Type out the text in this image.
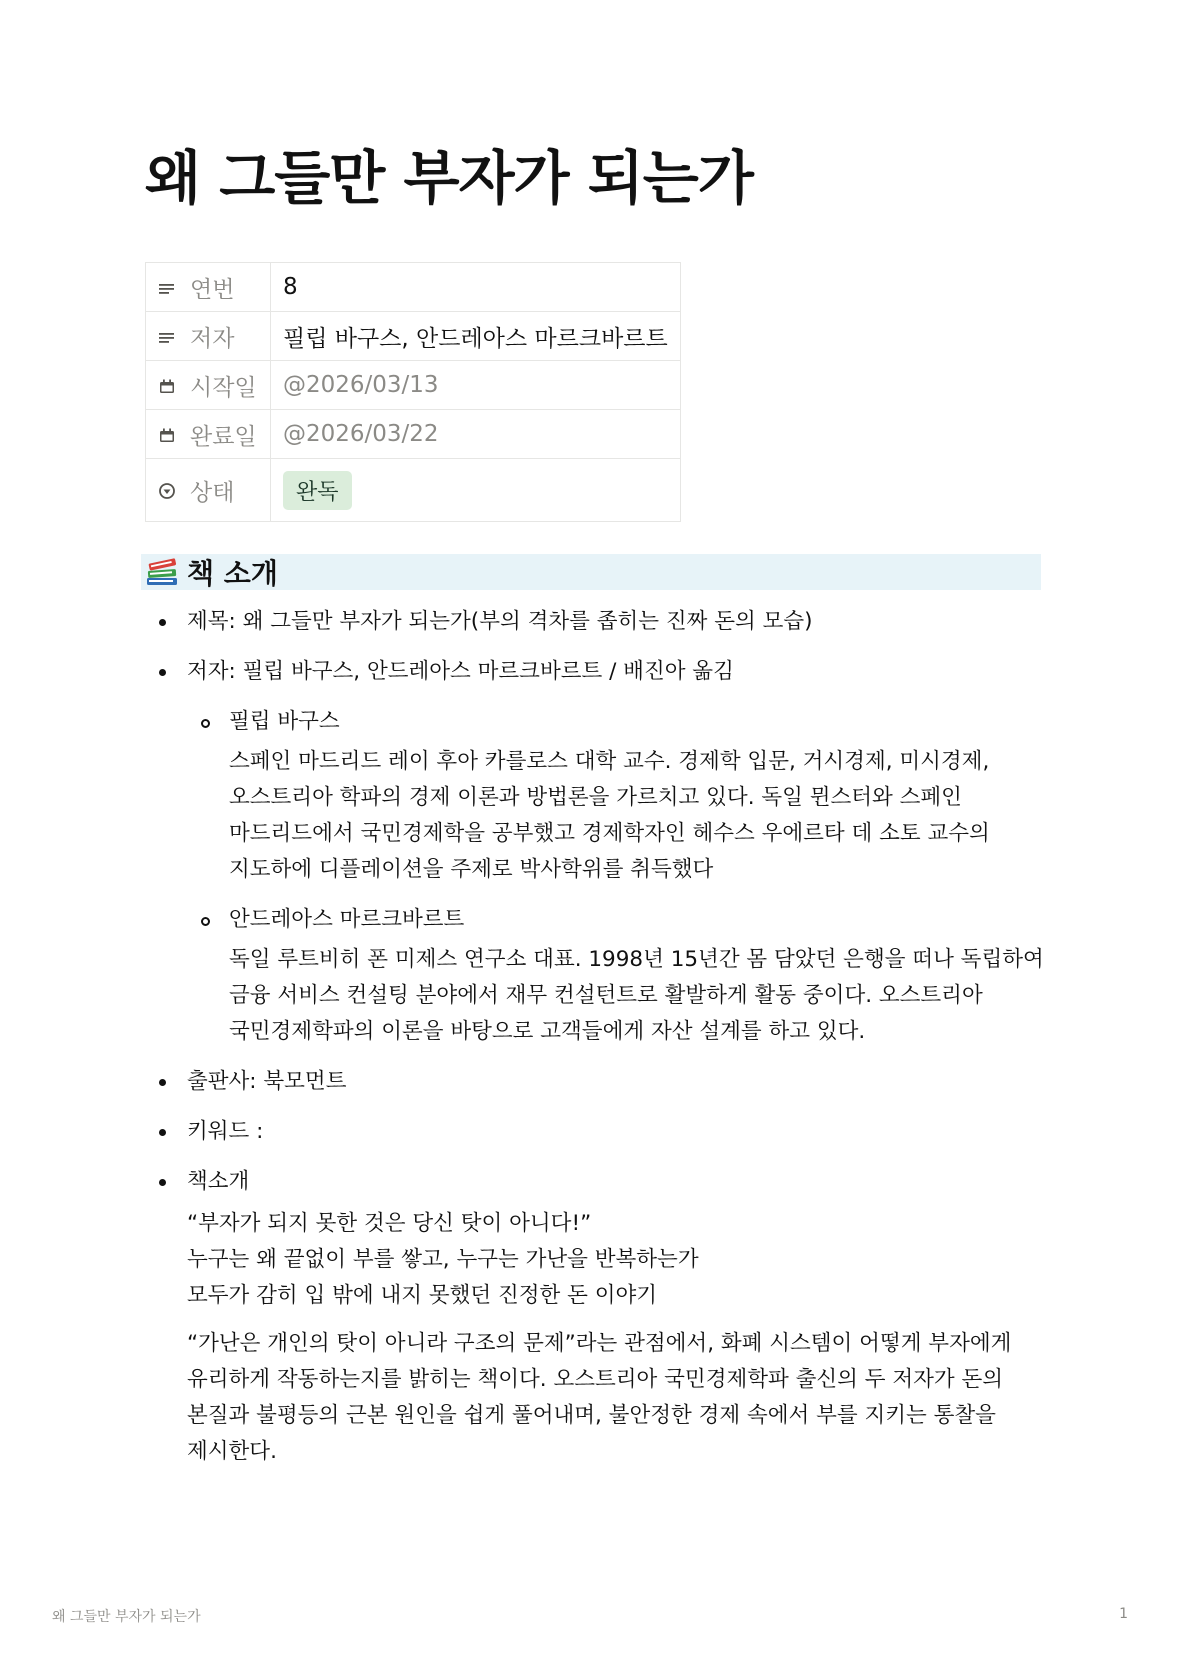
왜 그들만 부자가 되는가
연번	8
저자	필립 바구스, 안드레아스 마르크바르트
시작일	@2026/03/13
완료일	@2026/03/22
상태	완독
책 소개
제목: 왜 그들만 부자가 되는가(부의 격차를 좁히는 진짜 돈의 모습)
저자: 필립 바구스, 안드레아스 마르크바르트 / 배진아 옮김
필립 바구스
스페인 마드리드 레이 후아 카를로스 대학 교수. 경제학 입문, 거시경제, 미시경제, 오스트리아 학파의 경제 이론과 방법론을 가르치고 있다. 독일 뮌스터와 스페인 마드리드에서 국민경제학을 공부했고 경제학자인 헤수스 우에르타 데 소토 교수의 지도하에 디플레이션을 주제로 박사학위를 취득했다
안드레아스 마르크바르트
독일 루트비히 폰 미제스 연구소 대표. 1998년 15년간 몸 담았던 은행을 떠나 독립하여 금융 서비스 컨설팅 분야에서 재무 컨설턴트로 활발하게 활동 중이다. 오스트리아 국민경제학파의 이론을 바탕으로 고객들에게 자산 설계를 하고 있다.
출판사: 북모먼트
키워드 :
책소개
“부자가 되지 못한 것은 당신 탓이 아니다!”
누구는 왜 끝없이 부를 쌓고, 누구는 가난을 반복하는가
모두가 감히 입 밖에 내지 못했던 진정한 돈 이야기
“가난은 개인의 탓이 아니라 구조의 문제”라는 관점에서, 화폐 시스템이 어떻게 부자에게 유리하게 작동하는지를 밝히는 책이다. 오스트리아 국민경제학파 출신의 두 저자가 돈의 본질과 불평등의 근본 원인을 쉽게 풀어내며, 불안정한 경제 속에서 부를 지키는 통찰을 제시한다.
왜 그들만 부자가 되는가	1
